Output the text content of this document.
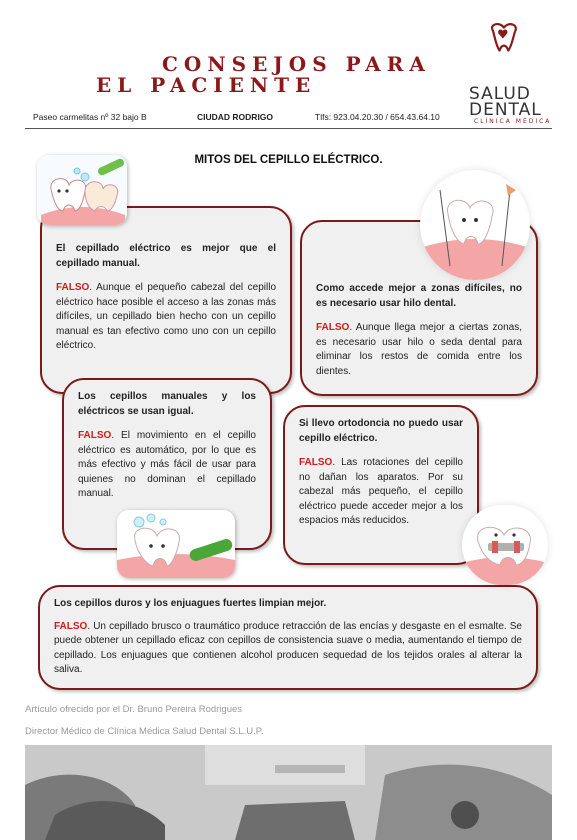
CONSEJOS PARA
EL PACIENTE	SALUD
DENTAL
CLÍNICA MÉDICA
Paseo carmelitas nº 32 bajo B	CIUDAD RODRIGO	Tlfs: 923.04.20.30 / 654.43.64.10
MITOS DEL CEPILLO ELÉCTRICO.

El cepillado eléctrico es mejor que el cepillado manual.

FALSO. Aunque el pequeño cabezal del cepillo eléctrico hace posible el acceso a las zonas más difíciles, un cepillado bien hecho con un cepillo manual es tan efectivo como uno con un cepillo eléctrico.

Como accede mejor a zonas difíciles, no es necesario usar hilo dental.

FALSO. Aunque llega mejor a ciertas zonas, es necesario usar hilo o seda dental para eliminar los restos de comida entre los dientes.

Los cepillos manuales y los eléctricos se usan igual.

FALSO. El movimiento en el cepillo eléctrico es automático, por lo que es más efectivo y más fácil de usar para quienes no dominan el cepillado manual.

Si llevo ortodoncia no puedo usar cepillo eléctrico.

FALSO. Las rotaciones del cepillo no dañan los aparatos. Por su cabezal más pequeño, el cepillo eléctrico puede acceder mejor a los espacios más reducidos.

Los cepillos duros y los enjuagues fuertes limpian mejor.

FALSO. Un cepillado brusco o traumático produce retracción de las encías y desgaste en el esmalte. Se puede obtener un cepillado eficaz con cepillos de consistencia suave o media, aumentando el tiempo de cepillado. Los enjuagues que contienen alcohol producen sequedad de los tejidos orales al alterar la saliva.

Artículo ofrecido por el Dr. Bruno Pereira Rodrigues
Director Médico de Clínica Médica Salud Dental S.L.U.P.
